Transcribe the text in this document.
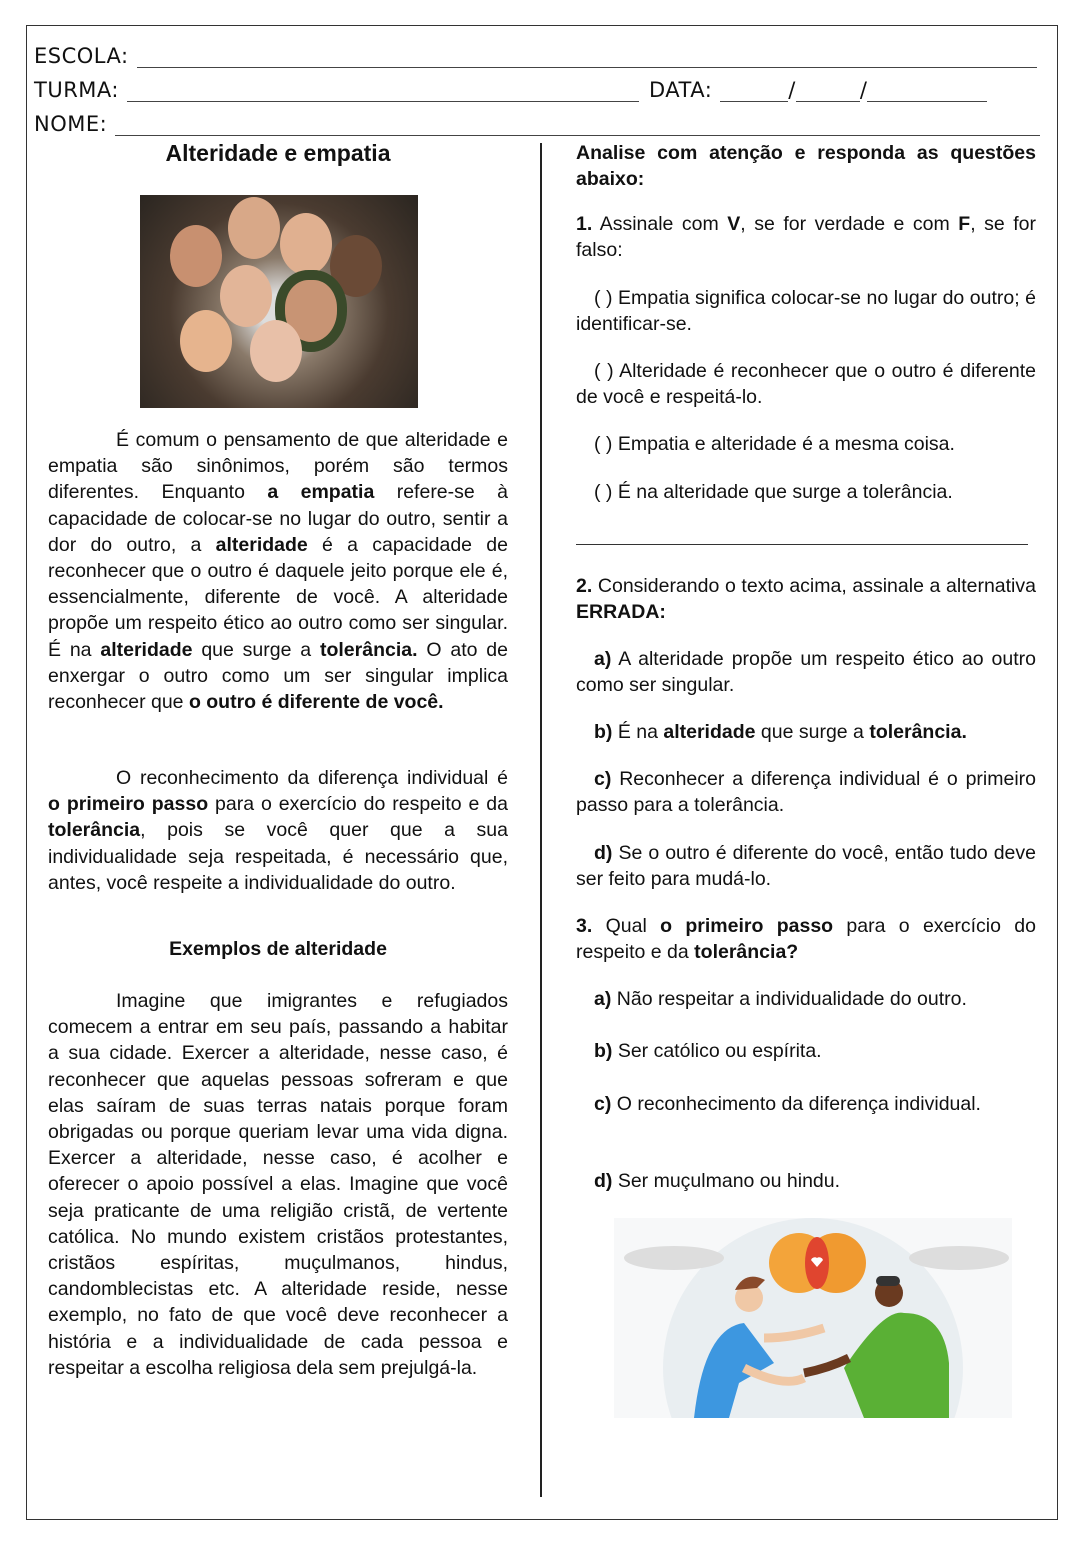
ESCOLA:
TURMA:	DATA:	/	/
NOME:
Alteridade e empatia
É comum o pensamento de que alteridade e empatia são sinônimos, porém são termos diferentes. Enquanto a empatia refere-se à capacidade de colocar-se no lugar do outro, sentir a dor do outro, a alteridade é a capacidade de reconhecer que o outro é daquele jeito porque ele é, essencialmente, diferente de você. A alteridade propõe um respeito ético ao outro como ser singular. É na alteridade que surge a tolerância. O ato de enxergar o outro como um ser singular implica reconhecer que o outro é diferente de você.
O reconhecimento da diferença individual é o primeiro passo para o exercício do respeito e da tolerância, pois se você quer que a sua individualidade seja respeitada, é necessário que, antes, você respeite a individualidade do outro.
Exemplos de alteridade
Imagine que imigrantes e refugiados comecem a entrar em seu país, passando a habitar a sua cidade. Exercer a alteridade, nesse caso, é reconhecer que aquelas pessoas sofreram e que elas saíram de suas terras natais porque foram obrigadas ou porque queriam levar uma vida digna. Exercer a alteridade, nesse caso, é acolher e oferecer o apoio possível a elas. Imagine que você seja praticante de uma religião cristã, de vertente católica. No mundo existem cristãos protestantes, cristãos espíritas, muçulmanos, hindus, candomblecistas etc. A alteridade reside, nesse exemplo, no fato de que você deve reconhecer a história e a individualidade de cada pessoa e respeitar a escolha religiosa dela sem prejulgá-la.
Analise com atenção e responda as questões abaixo:
1. Assinale com V, se for verdade e com F, se for falso:
( ) Empatia significa colocar-se no lugar do outro; é identificar-se.
( ) Alteridade é reconhecer que o outro é diferente de você e respeitá-lo.
( ) Empatia e alteridade é a mesma coisa.
( ) É na alteridade que surge a tolerância.
2. Considerando o texto acima, assinale a alternativa ERRADA:
a) A alteridade propõe um respeito ético ao outro como ser singular.
b) É na alteridade que surge a tolerância.
c) Reconhecer a diferença individual é o primeiro passo para a tolerância.
d) Se o outro é diferente do você, então tudo deve ser feito para mudá-lo.
3. Qual o primeiro passo para o exercício do respeito e da tolerância?
a) Não respeitar a individualidade do outro.
b) Ser católico ou espírita.
c) O reconhecimento da diferença individual.
d) Ser muçulmano ou hindu.
